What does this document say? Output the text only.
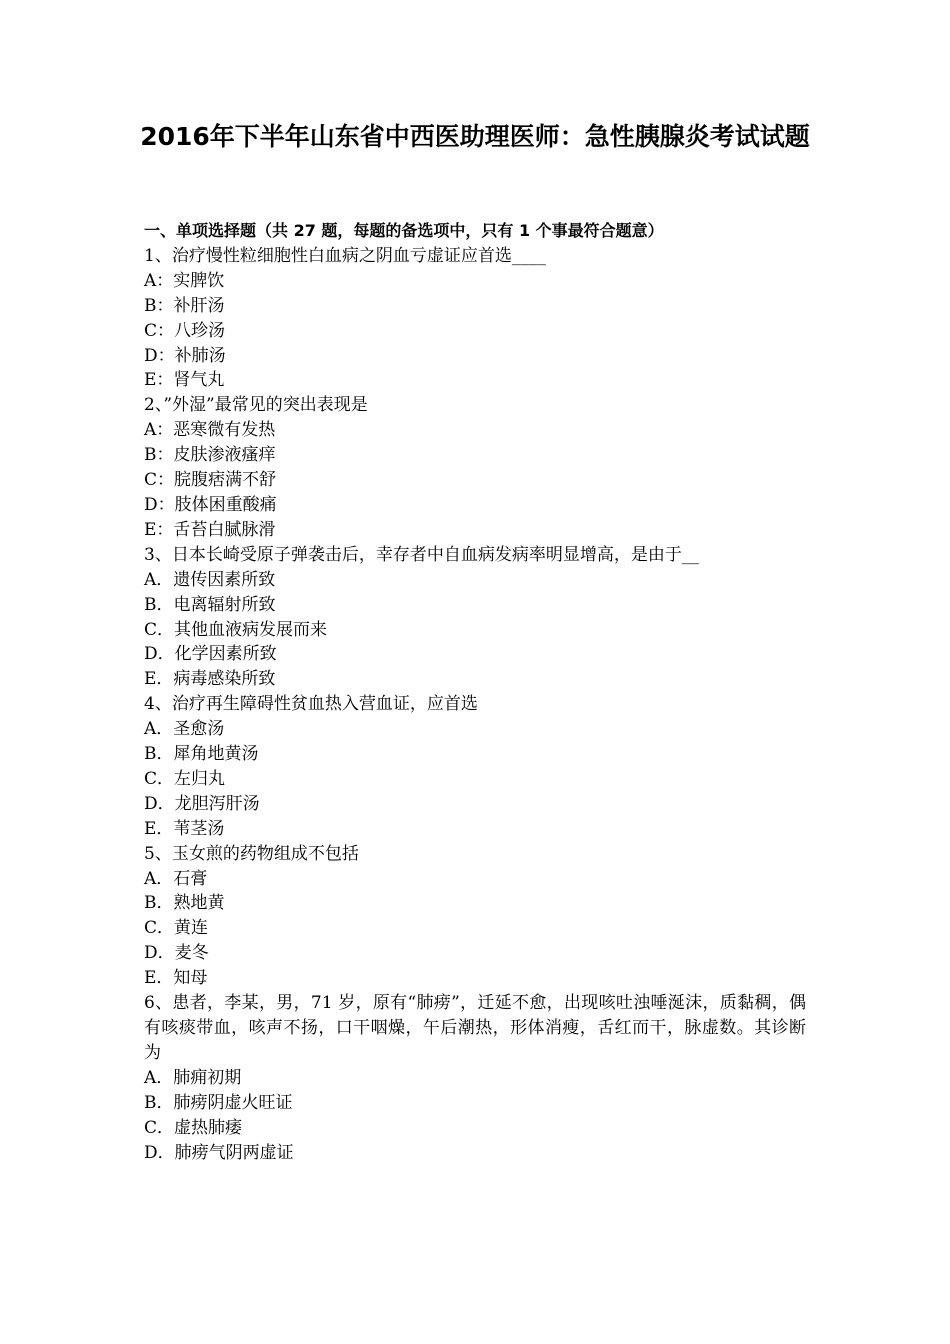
2016年下半年山东省中西医助理医师：急性胰腺炎考试试题
一、单项选择题（共 27 题，每题的备选项中，只有 1 个事最符合题意）
1、治疗慢性粒细胞性白血病之阴血亏虚证应首选____
A：实脾饮
B：补肝汤
C：八珍汤
D：补肺汤
E：肾气丸
2、”外湿”最常见的突出表现是
A：恶寒微有发热
B：皮肤渗液瘙痒
C：脘腹痞满不舒
D：肢体困重酸痛
E：舌苔白腻脉滑
3、日本长崎受原子弹袭击后，幸存者中自血病发病率明显增高，是由于__
A．遗传因素所致
B．电离辐射所致
C．其他血液病发展而来
D．化学因素所致
E．病毒感染所致
4、治疗再生障碍性贫血热入营血证，应首选
A．圣愈汤
B．犀角地黄汤
C．左归丸
D．龙胆泻肝汤
E．苇茎汤
5、玉女煎的药物组成不包括
A．石膏
B．熟地黄
C．黄连
D．麦冬
E．知母
6、患者，李某，男，71 岁，原有“肺痨”，迁延不愈，出现咳吐浊唾涎沫，质黏稠，偶有咳痰带血，咳声不扬，口干咽燥，午后潮热，形体消瘦，舌红而干，脉虚数。其诊断为
A．肺痈初期
B．肺痨阴虚火旺证
C．虚热肺痿
D．肺痨气阴两虚证
